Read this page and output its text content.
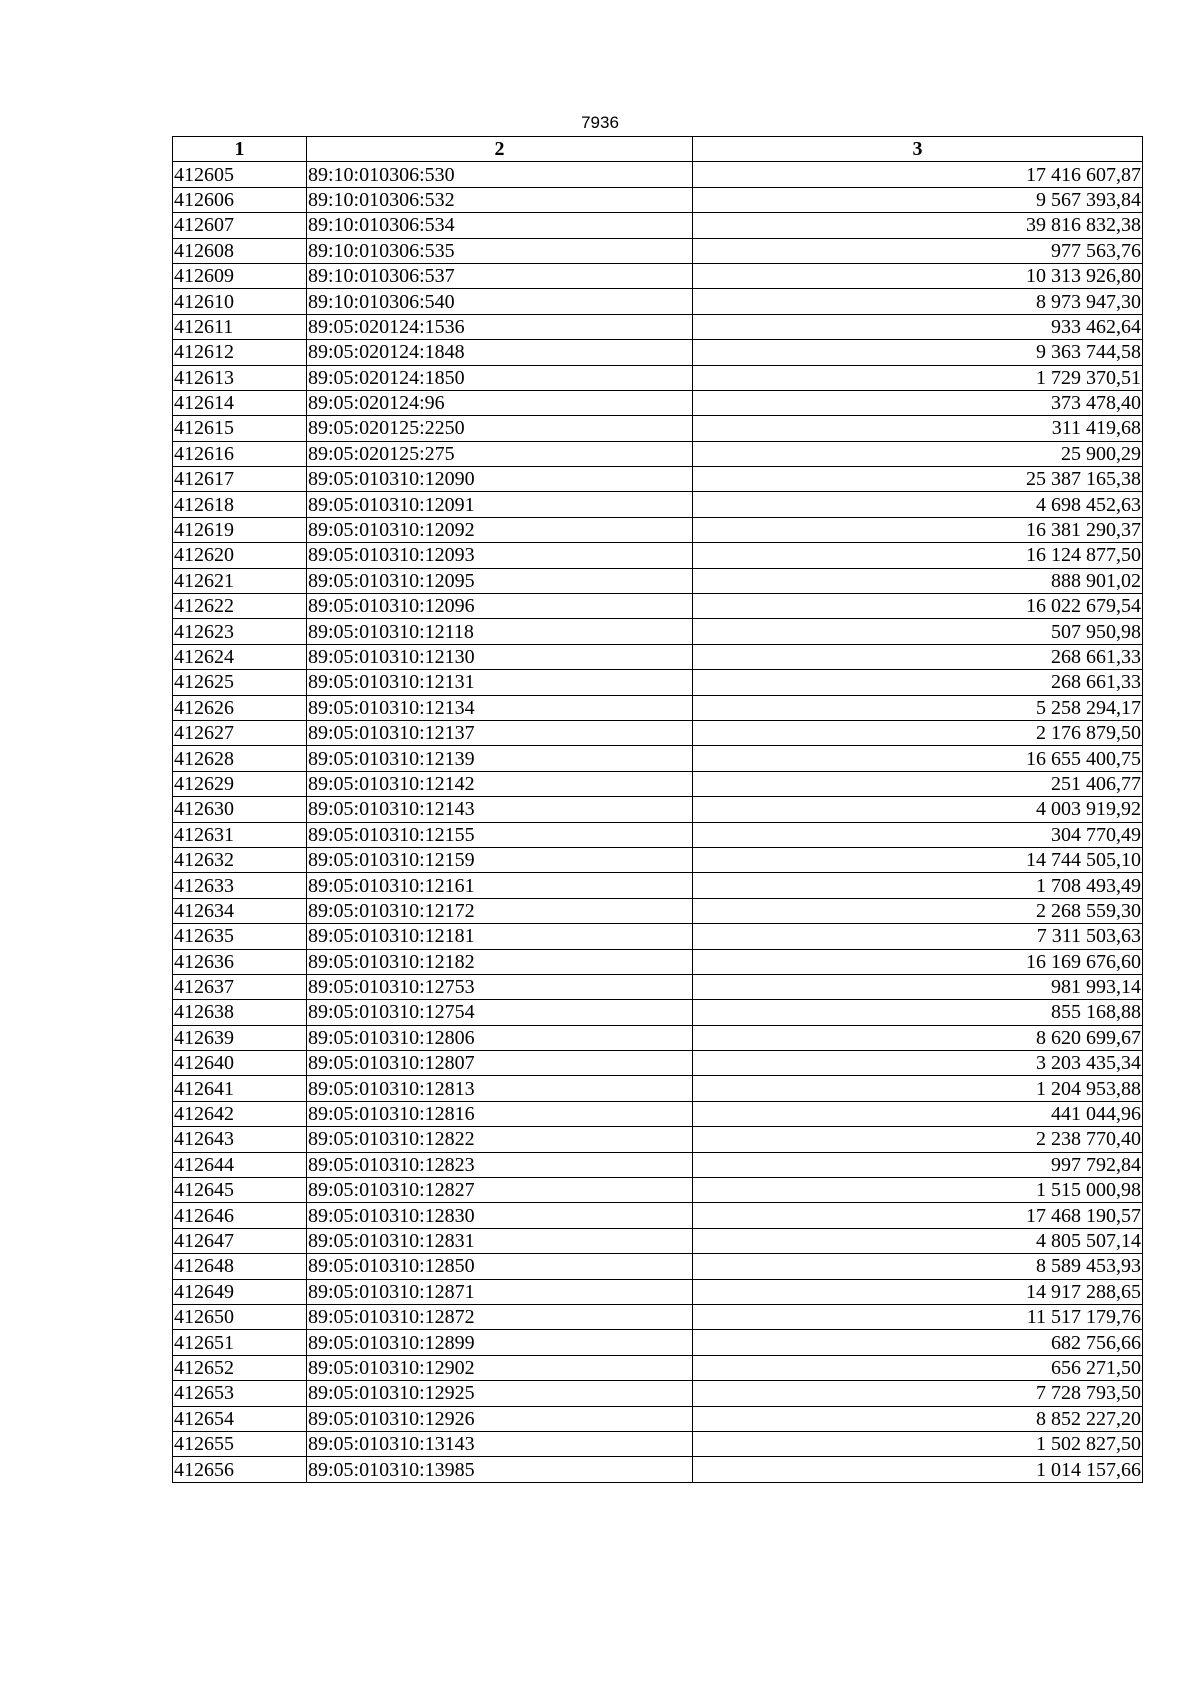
7936
1	2	3
412605	89:10:010306:530	17 416 607,87
412606	89:10:010306:532	9 567 393,84
412607	89:10:010306:534	39 816 832,38
412608	89:10:010306:535	977 563,76
412609	89:10:010306:537	10 313 926,80
412610	89:10:010306:540	8 973 947,30
412611	89:05:020124:1536	933 462,64
412612	89:05:020124:1848	9 363 744,58
412613	89:05:020124:1850	1 729 370,51
412614	89:05:020124:96	373 478,40
412615	89:05:020125:2250	311 419,68
412616	89:05:020125:275	25 900,29
412617	89:05:010310:12090	25 387 165,38
412618	89:05:010310:12091	4 698 452,63
412619	89:05:010310:12092	16 381 290,37
412620	89:05:010310:12093	16 124 877,50
412621	89:05:010310:12095	888 901,02
412622	89:05:010310:12096	16 022 679,54
412623	89:05:010310:12118	507 950,98
412624	89:05:010310:12130	268 661,33
412625	89:05:010310:12131	268 661,33
412626	89:05:010310:12134	5 258 294,17
412627	89:05:010310:12137	2 176 879,50
412628	89:05:010310:12139	16 655 400,75
412629	89:05:010310:12142	251 406,77
412630	89:05:010310:12143	4 003 919,92
412631	89:05:010310:12155	304 770,49
412632	89:05:010310:12159	14 744 505,10
412633	89:05:010310:12161	1 708 493,49
412634	89:05:010310:12172	2 268 559,30
412635	89:05:010310:12181	7 311 503,63
412636	89:05:010310:12182	16 169 676,60
412637	89:05:010310:12753	981 993,14
412638	89:05:010310:12754	855 168,88
412639	89:05:010310:12806	8 620 699,67
412640	89:05:010310:12807	3 203 435,34
412641	89:05:010310:12813	1 204 953,88
412642	89:05:010310:12816	441 044,96
412643	89:05:010310:12822	2 238 770,40
412644	89:05:010310:12823	997 792,84
412645	89:05:010310:12827	1 515 000,98
412646	89:05:010310:12830	17 468 190,57
412647	89:05:010310:12831	4 805 507,14
412648	89:05:010310:12850	8 589 453,93
412649	89:05:010310:12871	14 917 288,65
412650	89:05:010310:12872	11 517 179,76
412651	89:05:010310:12899	682 756,66
412652	89:05:010310:12902	656 271,50
412653	89:05:010310:12925	7 728 793,50
412654	89:05:010310:12926	8 852 227,20
412655	89:05:010310:13143	1 502 827,50
412656	89:05:010310:13985	1 014 157,66
